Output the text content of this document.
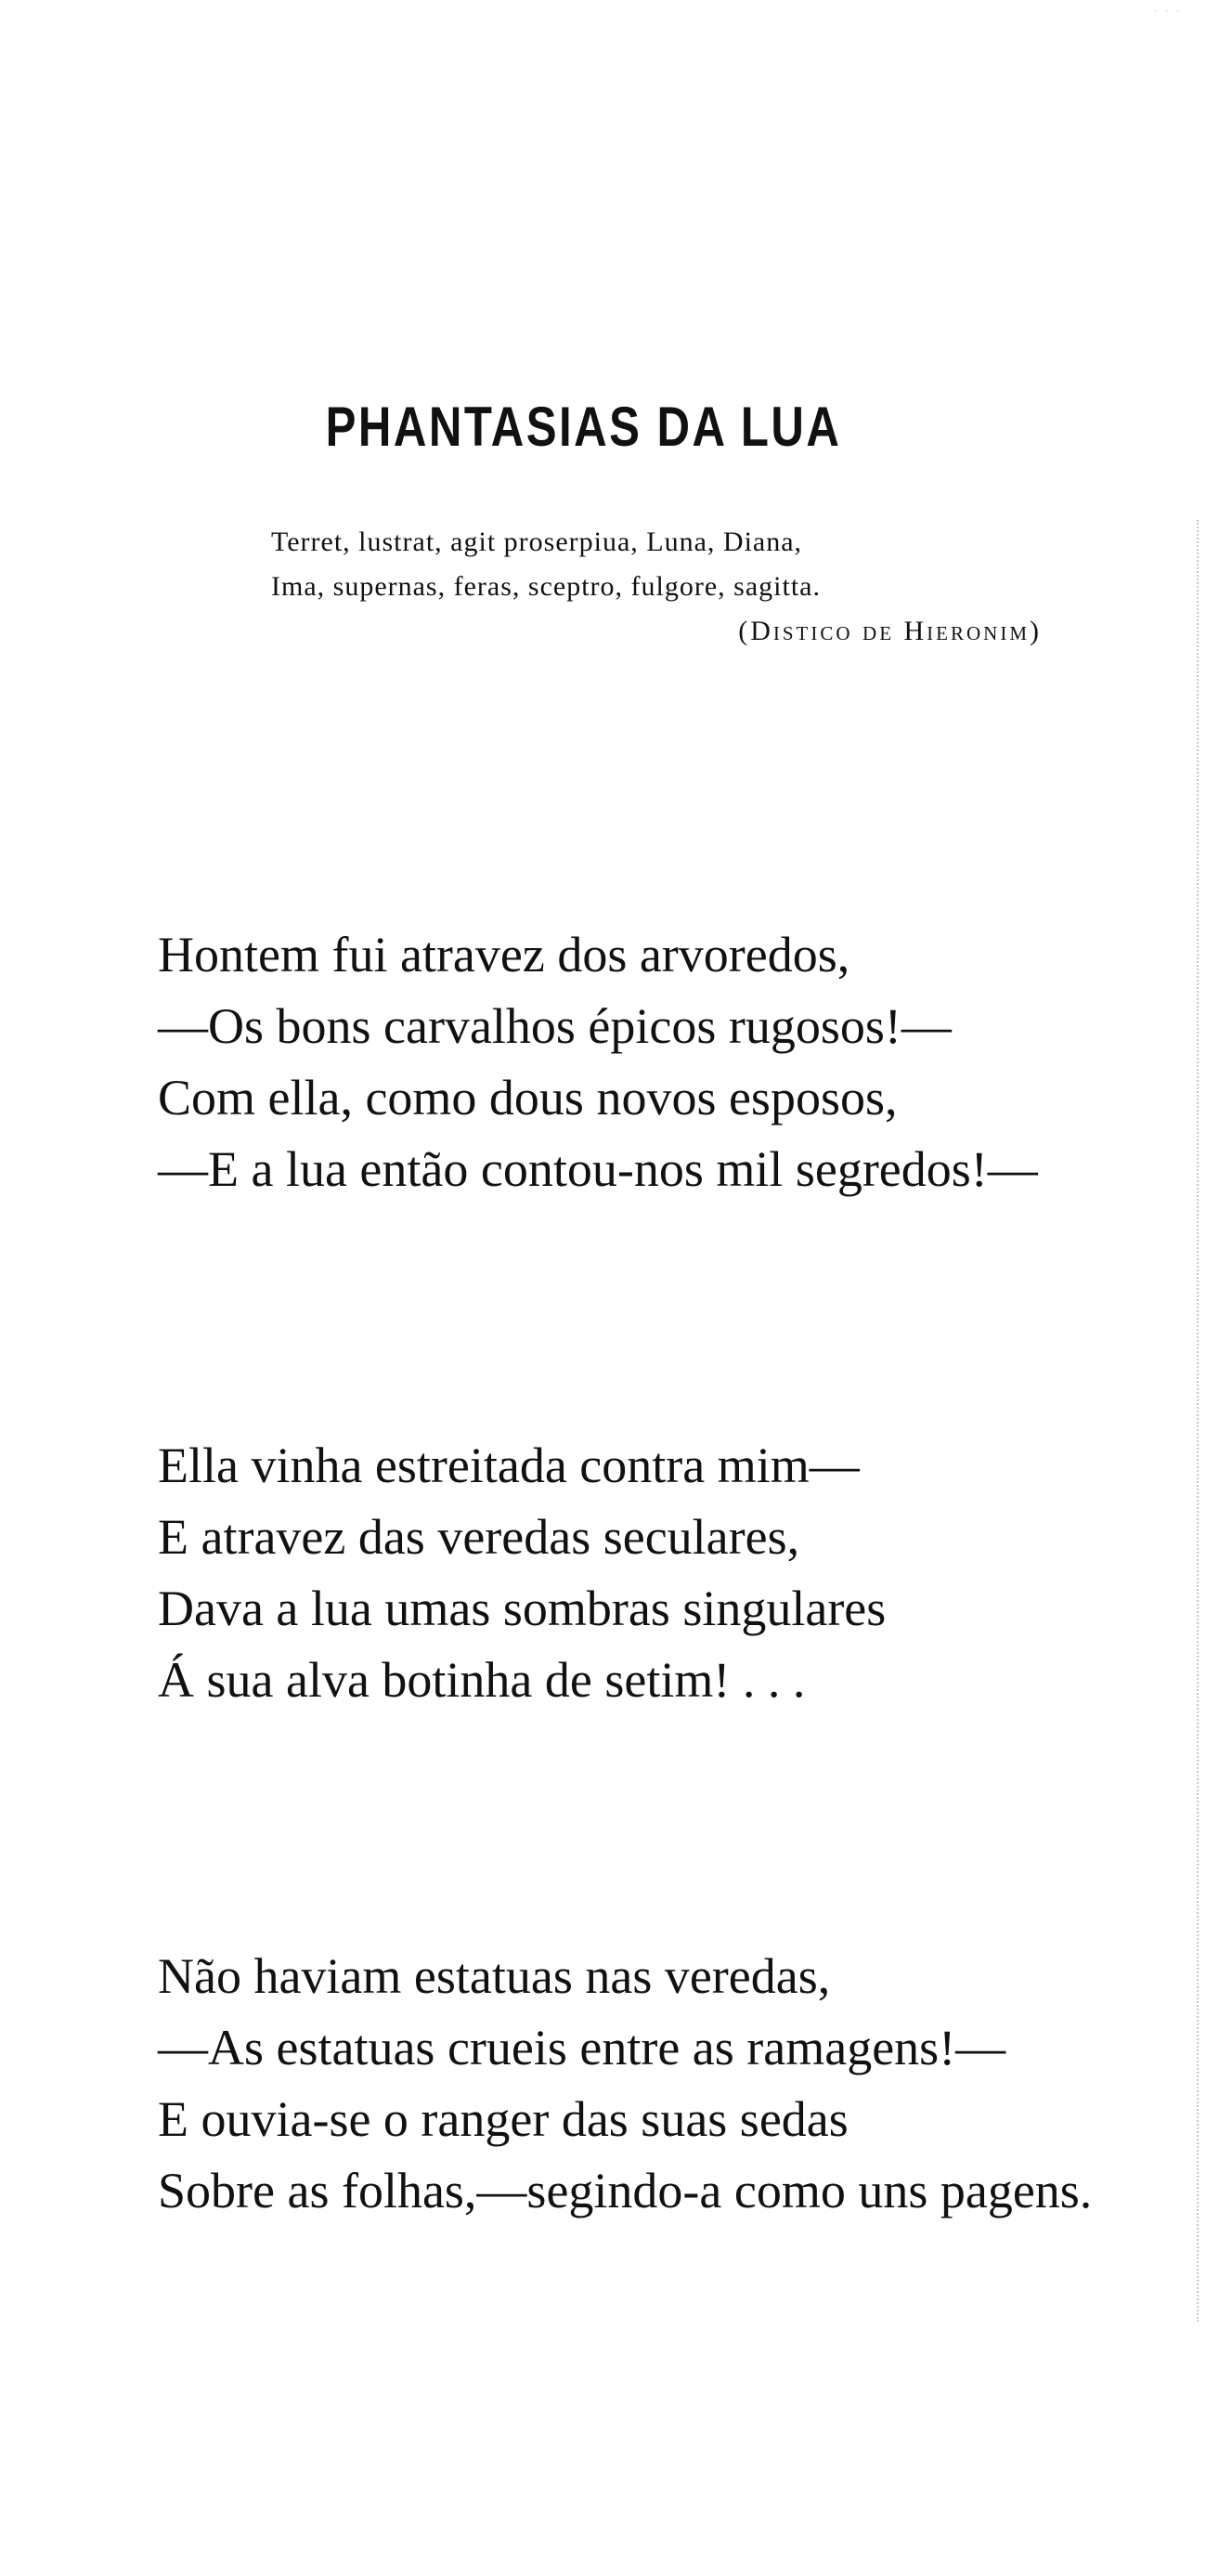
· · ·
PHANTASIAS DA LUA
Terret, lustrat, agit proserpiua, Luna, Diana,
Ima, supernas, feras, sceptro, fulgore, sagitta.
(Distico de Hieronim)
Hontem fui atravez dos arvoredos,
—Os bons carvalhos épicos rugosos!—
Com ella, como dous novos esposos,
—E a lua então contou-nos mil segredos!—
Ella vinha estreitada contra mim—
E atravez das veredas seculares,
Dava a lua umas sombras singulares
Á sua alva botinha de setim! . . .
Não haviam estatuas nas veredas,
—As estatuas crueis entre as ramagens!—
E ouvia-se o ranger das suas sedas
Sobre as folhas,—segindo-a como uns pagens.
